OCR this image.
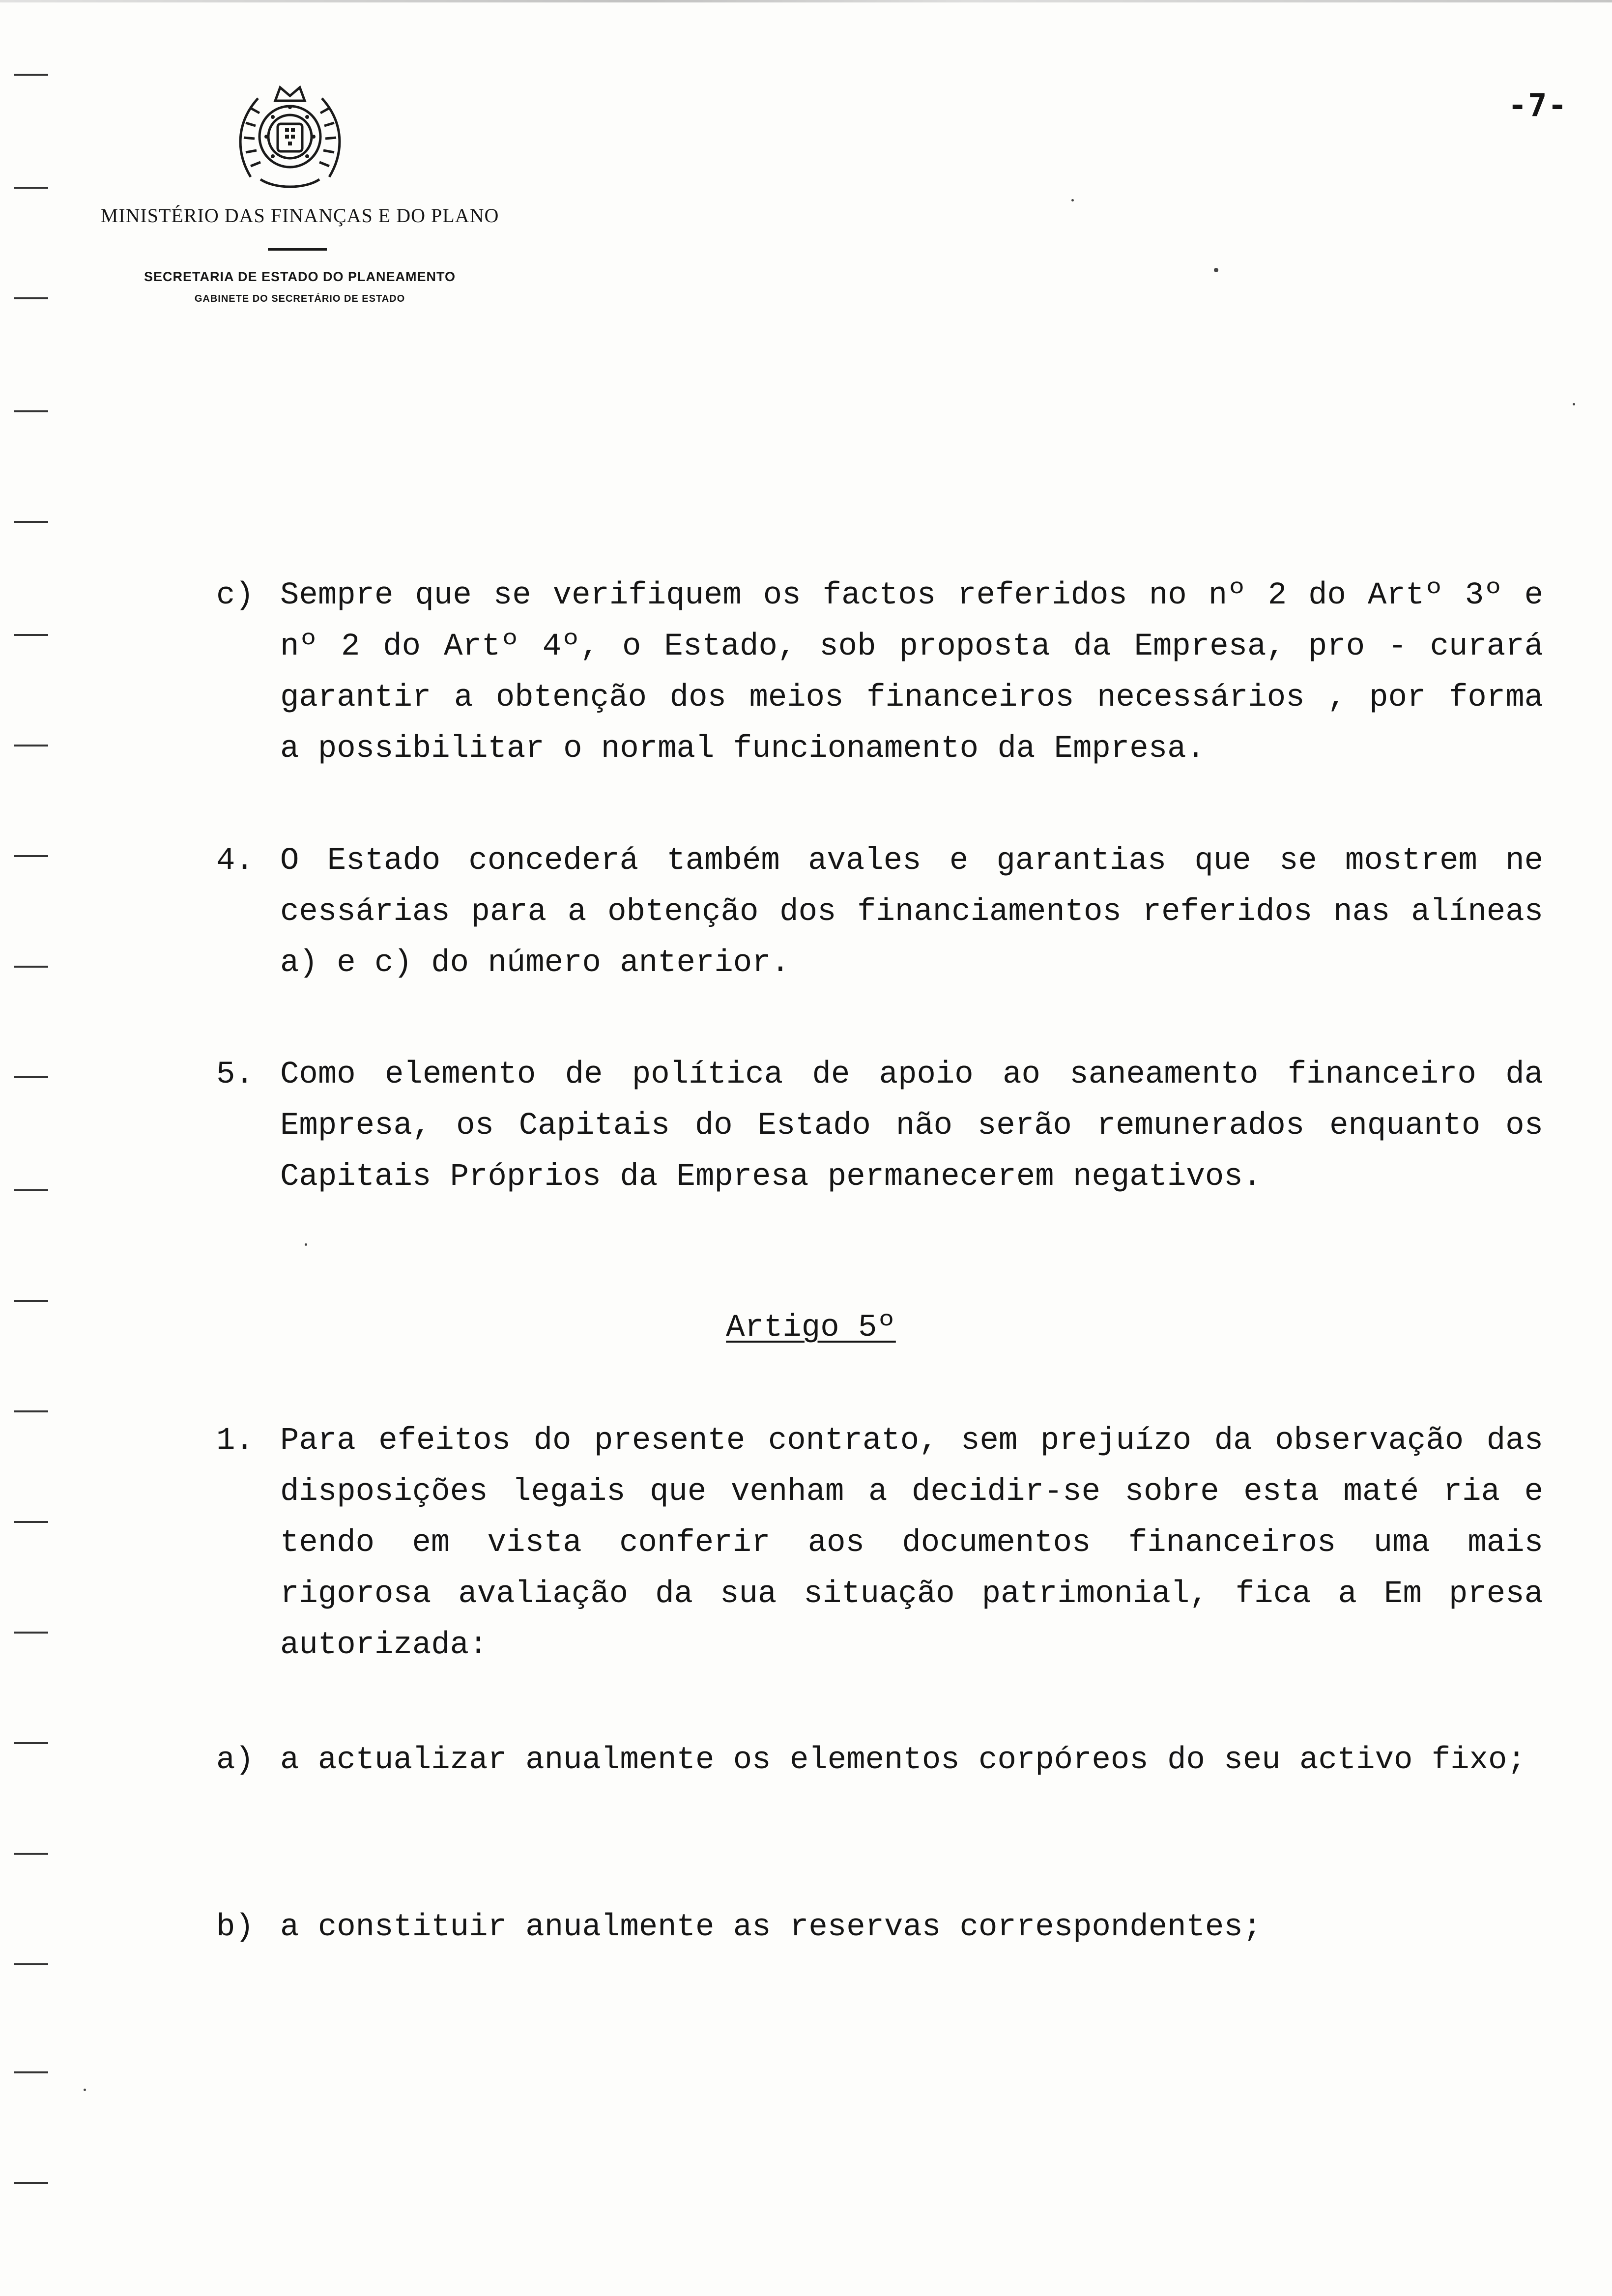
-7-
MINISTÉRIO DAS FINANÇAS E DO PLANO
SECRETARIA DE ESTADO DO PLANEAMENTO
GABINETE DO SECRETÁRIO DE ESTADO
c) Sempre que se verifiquem os factos referidos no nº 2 do Artº 3º e nº 2 do Artº 4º, o Estado, sob proposta da Empresa, pro - curará garantir a obtenção dos meios financeiros necessários , por forma a possibilitar o normal funcionamento da Empresa.
4. O Estado concederá também avales e garantias que se mostrem ne cessárias para a obtenção dos financiamentos referidos nas alíneas a) e c) do número anterior.
5. Como elemento de política de apoio ao saneamento financeiro da Empresa, os Capitais do Estado não serão remunerados enquanto os Capitais Próprios da Empresa permanecerem negativos.
Artigo 5º
1. Para efeitos do presente contrato, sem prejuízo da observação das disposições legais que venham a decidir-se sobre esta maté ria e tendo em vista conferir aos documentos financeiros uma mais rigorosa avaliação da sua situação patrimonial, fica a Em presa autorizada:
a) a actualizar anualmente os elementos corpóreos do seu activo fixo;
b) a constituir anualmente as reservas correspondentes;
